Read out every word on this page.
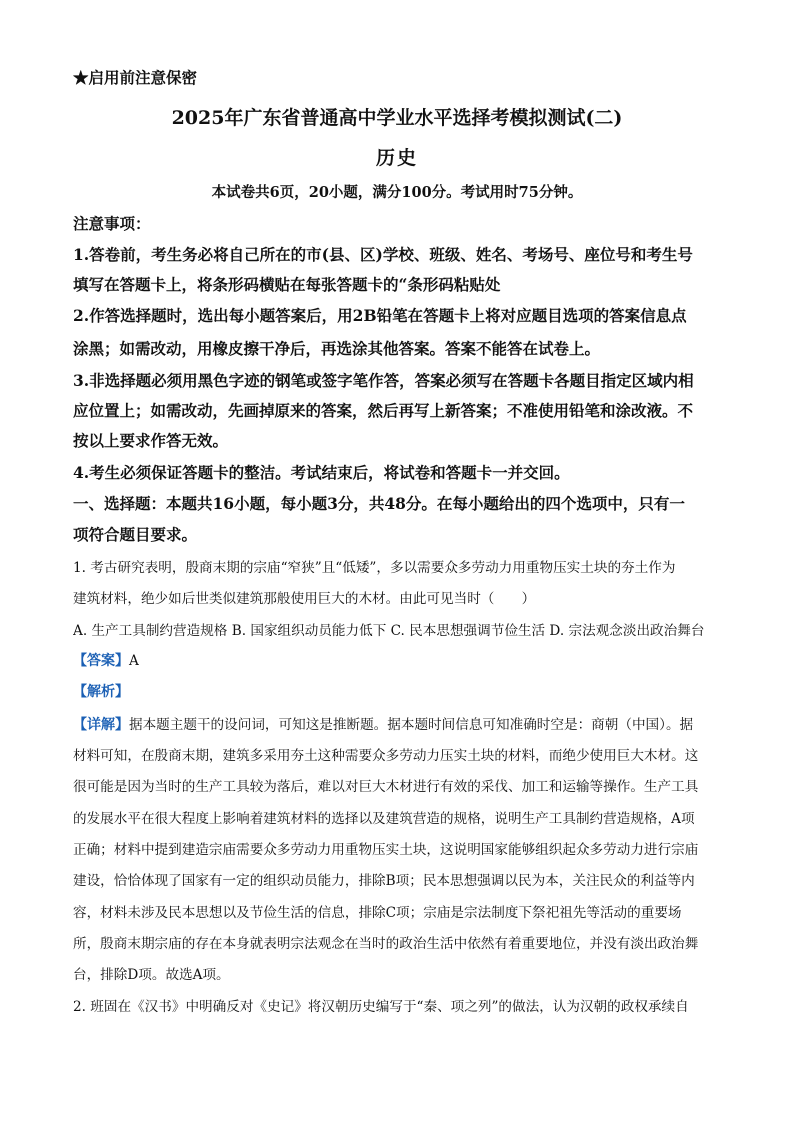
★启用前注意保密
2025年广东省普通高中学业水平选择考模拟测试(二)
历史
本试卷共6页，20小题，满分100分。考试用时75分钟。
注意事项：
1.答卷前，考生务必将自己所在的市(县、区)学校、班级、姓名、考场号、座位号和考生号
填写在答题卡上，将条形码横贴在每张答题卡的“条形码粘贴处
2.作答选择题时，选出每小题答案后，用2B铅笔在答题卡上将对应题目选项的答案信息点
涂黑；如需改动，用橡皮擦干净后，再选涂其他答案。答案不能答在试卷上。
3.非选择题必须用黑色字迹的钢笔或签字笔作答，答案必须写在答题卡各题目指定区域内相
应位置上；如需改动，先画掉原来的答案，然后再写上新答案；不准使用铅笔和涂改液。不
按以上要求作答无效。
4.考生必须保证答题卡的整洁。考试结束后，将试卷和答题卡一并交回。
一、选择题：本题共16小题，每小题3分，共48分。在每小题给出的四个选项中，只有一
项符合题目要求。
1. 考古研究表明，殷商末期的宗庙“窄狭”且“低矮”，多以需要众多劳动力用重物压实土块的夯土作为
建筑材料，绝少如后世类似建筑那般使用巨大的木材。由此可见当时（　　）
A. 生产工具制约营造规格 B. 国家组织动员能力低下 C. 民本思想强调节俭生活 D. 宗法观念淡出政治舞台
【答案】A
【解析】
【详解】据本题主题干的设问词，可知这是推断题。据本题时间信息可知准确时空是：商朝（中国）。据
材料可知，在殷商末期，建筑多采用夯土这种需要众多劳动力压实土块的材料，而绝少使用巨大木材。这
很可能是因为当时的生产工具较为落后，难以对巨大木材进行有效的采伐、加工和运输等操作。生产工具
的发展水平在很大程度上影响着建筑材料的选择以及建筑营造的规格，说明生产工具制约营造规格，A项
正确；材料中提到建造宗庙需要众多劳动力用重物压实土块，这说明国家能够组织起众多劳动力进行宗庙
建设，恰恰体现了国家有一定的组织动员能力，排除B项；民本思想强调以民为本，关注民众的利益等内
容，材料未涉及民本思想以及节俭生活的信息，排除C项；宗庙是宗法制度下祭祀祖先等活动的重要场
所，殷商末期宗庙的存在本身就表明宗法观念在当时的政治生活中依然有着重要地位，并没有淡出政治舞
台，排除D项。故选A项。
2. 班固在《汉书》中明确反对《史记》将汉朝历史编写于“秦、项之列”的做法，认为汉朝的政权承续自
